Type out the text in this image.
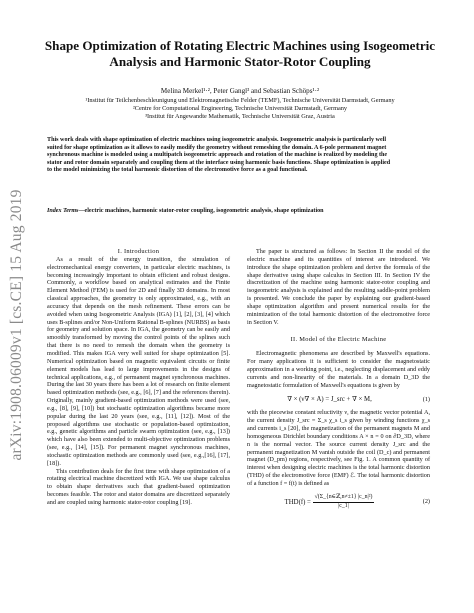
arXiv:1908.06009v1 [cs.CE] 15 Aug 2019
Shape Optimization of Rotating Electric Machines using Isogeometric
Analysis and Harmonic Stator-Rotor Coupling
Melina Merkel¹·², Peter Gangl³ and Sebastian Schöps¹·²
¹Institut für Teilchenbeschleunigung und Elektromagnetische Felder (TEMF), Technische Universität Darmstadt, Germany
²Centre for Computational Engineering, Technische Universität Darmstadt, Germany
³Institut für Angewandte Mathematik, Technische Universität Graz, Austria
This work deals with shape optimization of electric machines using isogeometric analysis. Isogeometric analysis is particularly well
suited for shape optimization as it allows to easily modify the geometry without remeshing the domain. A 6-pole permanent magnet
synchronous machine is modeled using a multipatch isogeometric approach and rotation of the machine is realized by modeling the
stator and rotor domain separately and coupling them at the interface using harmonic basis functions. Shape optimization is applied
to the model minimizing the total harmonic distortion of the electromotive force as a goal functional.
Index Terms—electric machines, harmonic stator-rotor coupling, isogeometric analysis, shape optimization

I. Introduction

As a result of the energy transition, the simulation of electromechanical energy converters, in particular electric machines, is becoming increasingly important to obtain efficient and robust designs. Commonly, a workflow based on analytical estimates and the Finite Element Method (FEM) is used for 2D and finally 3D domains. In most classical approaches, the geometry is only approximated, e.g., with an accuracy that depends on the mesh refinement. These errors can be avoided when using Isogeometric Analysis (IGA) [1], [2], [3], [4] which uses B-splines and/or Non-Uniform Rational B-splines (NURBS) as basis for geometry and solution space. In IGA, the geometry can be easily and smoothly transformed by moving the control points of the splines such that there is no need to remesh the domain when the geometry is modified. This makes IGA very well suited for shape optimization [5]. Numerical optimization based on magnetic equivalent circuits or finite element models has lead to large improvements in the designs of technical applications, e.g., of permanent magnet synchronous machines. During the last 30 years there has been a lot of research on finite element based optimization methods (see, e.g., [6], [7] and the references therein). Originally, mainly gradient-based optimization methods were used (see, e.g., [8], [9], [10]) but stochastic optimization algorithms became more popular during the last 20 years (see, e.g., [11], [12]). Most of the proposed algorithms use stochastic or population-based optimization, e.g., genetic algorithms and particle swarm optimization (see, e.g., [13]) which have also been extended to multi-objective optimization problems (see, e.g., [14], [15]). For permanent magnet synchronous machines, stochastic optimization methods are commonly used (see, e.g.,[16], [17], [18]).

This contribution deals for the first time with shape optimization of a rotating electrical machine discretized with IGA. We use shape calculus to obtain shape derivatives such that gradient-based optimization becomes feasible. The rotor and stator domains are discretized separately and are coupled using harmonic stator-rotor coupling [19].

The paper is structured as follows: In Section II the model of the electric machine and its quantities of interest are introduced. We introduce the shape optimization problem and derive the formula of the shape derivative using shape calculus in Section III. In Section IV the discretization of the machine using harmonic stator-rotor coupling and isogeometric analysis is explained and the resulting saddle-point problem is presented. We conclude the paper by explaining our gradient-based shape optimization algorithm and present numerical results for the minimization of the total harmonic distortion of the electromotive force in Section V.

II. Model of the Electric Machine

Electromagnetic phenomena are described by Maxwell's equations. For many applications it is sufficient to consider the magnetostatic approximation in a working point, i.e., neglecting displacement and eddy currents and non-linearity of the materials. In a domain D_3D the magnetostatic formulation of Maxwell's equations is given by

∇ × (ν∇ × A) = J_src + ∇ × M,	(1)

with the piecewise constant reluctivity ν, the magnetic vector potential A, the current density J_src = Σ_s χ_s i_s given by winding functions χ_s and currents i_s [20], the magnetization of the permanent magnets M and homogeneous Dirichlet boundary conditions A × n = 0 on ∂D_3D, where n is the normal vector. The source current density J_src and the permanent magnetization M vanish outside the coil (D_c) and permanent magnet (D_pm) regions, respectively, see Fig. 1. A common quantity of interest when designing electric machines is the total harmonic distortion (THD) of the electromotive force (EMF) ℰ. The total harmonic distortion of a function f = f(t) is defined as

$THD(f) = \frac{\text{√(Σ\_\{n∈ℤ,n≠±1\} |c\_n|²)}}{|c\_1|}$	(2)
